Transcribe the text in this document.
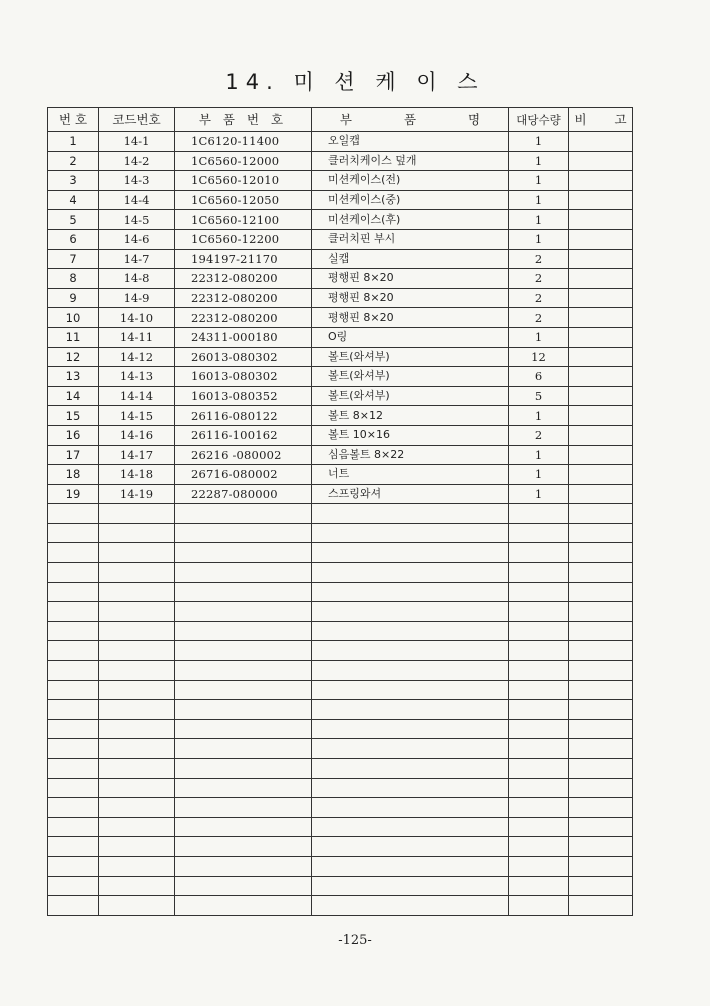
14. 미 션 케 이 스
번 호	코드번호	부 품 번 호	부 품 명	대당수량	비 고
1	14-1	1C6120-11400	오일캡	1	
2	14-2	1C6560-12000	클러치케이스 덮개	1	
3	14-3	1C6560-12010	미션케이스(전)	1	
4	14-4	1C6560-12050	미션케이스(중)	1	
5	14-5	1C6560-12100	미션케이스(후)	1	
6	14-6	1C6560-12200	클러치핀 부시	1	
7	14-7	194197-21170	실캡	2	
8	14-8	22312-080200	평행핀 8×20	2	
9	14-9	22312-080200	평행핀 8×20	2	
10	14-10	22312-080200	평행핀 8×20	2	
11	14-11	24311-000180	O링	1	
12	14-12	26013-080302	볼트(와셔부)	12	
13	14-13	16013-080302	볼트(와셔부)	6	
14	14-14	16013-080352	볼트(와셔부)	5	
15	14-15	26116-080122	볼트 8×12	1	
16	14-16	26116-100162	볼트 10×16	2	
17	14-17	26216 -080002	심음볼트 8×22	1	
18	14-18	26716-080002	너트	1	
19	14-19	22287-080000	스프링와셔	1	

-125-
